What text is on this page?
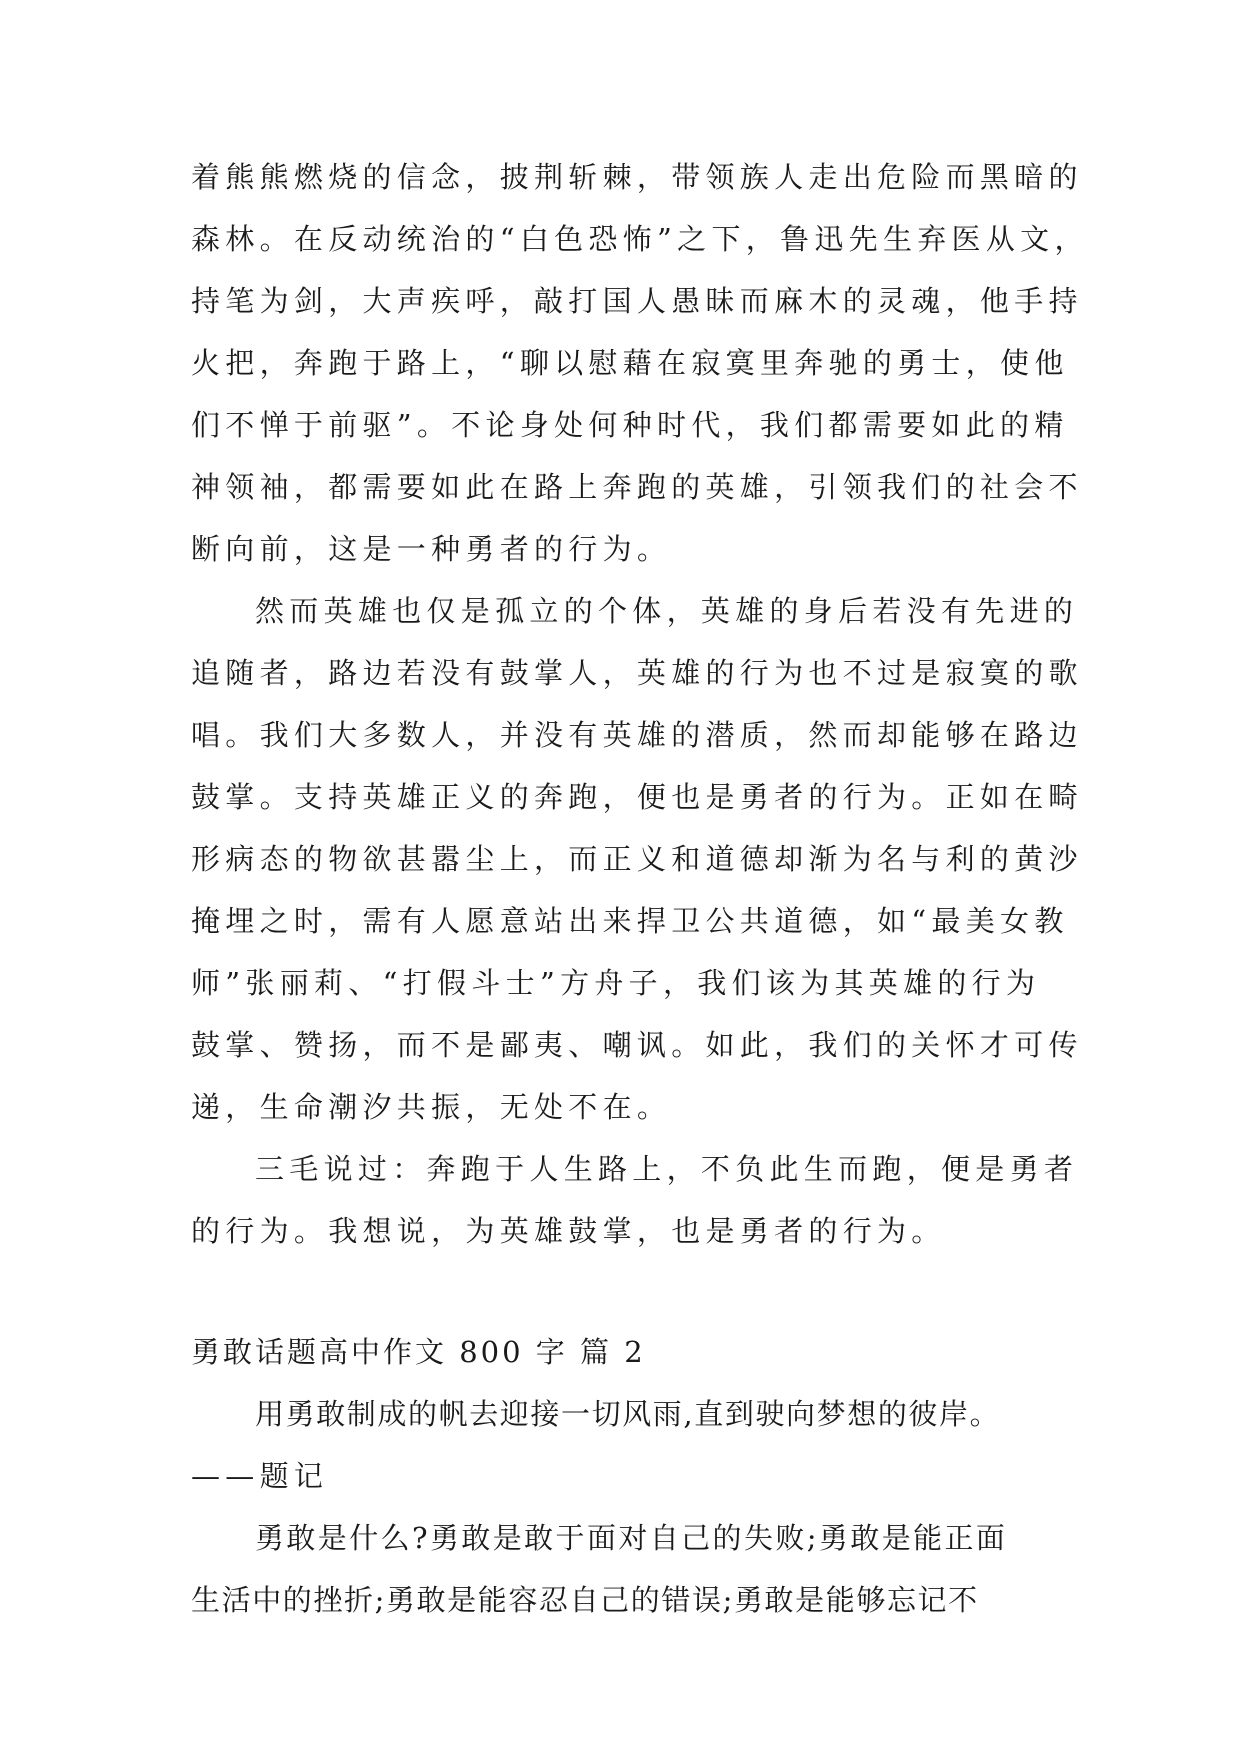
着熊熊燃烧的信念，披荆斩棘，带领族人走出危险而黑暗的
森林。在反动统治的“白色恐怖”之下，鲁迅先生弃医从文，
持笔为剑，大声疾呼，敲打国人愚昧而麻木的灵魂，他手持
火把，奔跑于路上，“聊以慰藉在寂寞里奔驰的勇士，使他
们不惮于前驱”。不论身处何种时代，我们都需要如此的精
神领袖，都需要如此在路上奔跑的英雄，引领我们的社会不
断向前，这是一种勇者的行为。
然而英雄也仅是孤立的个体，英雄的身后若没有先进的
追随者，路边若没有鼓掌人，英雄的行为也不过是寂寞的歌
唱。我们大多数人，并没有英雄的潜质，然而却能够在路边
鼓掌。支持英雄正义的奔跑，便也是勇者的行为。正如在畸
形病态的物欲甚嚣尘上，而正义和道德却渐为名与利的黄沙
掩埋之时，需有人愿意站出来捍卫公共道德，如“最美女教
师”张丽莉、“打假斗士”方舟子，我们该为其英雄的行为
鼓掌、赞扬，而不是鄙夷、嘲讽。如此，我们的关怀才可传
递，生命潮汐共振，无处不在。
三毛说过：奔跑于人生路上，不负此生而跑，便是勇者
的行为。我想说，为英雄鼓掌，也是勇者的行为。
勇敢话题高中作文 800 字 篇 2
用勇敢制成的帆去迎接一切风雨,直到驶向梦想的彼岸。
——题记
勇敢是什么?勇敢是敢于面对自己的失败;勇敢是能正面
生活中的挫折;勇敢是能容忍自己的错误;勇敢是能够忘记不
